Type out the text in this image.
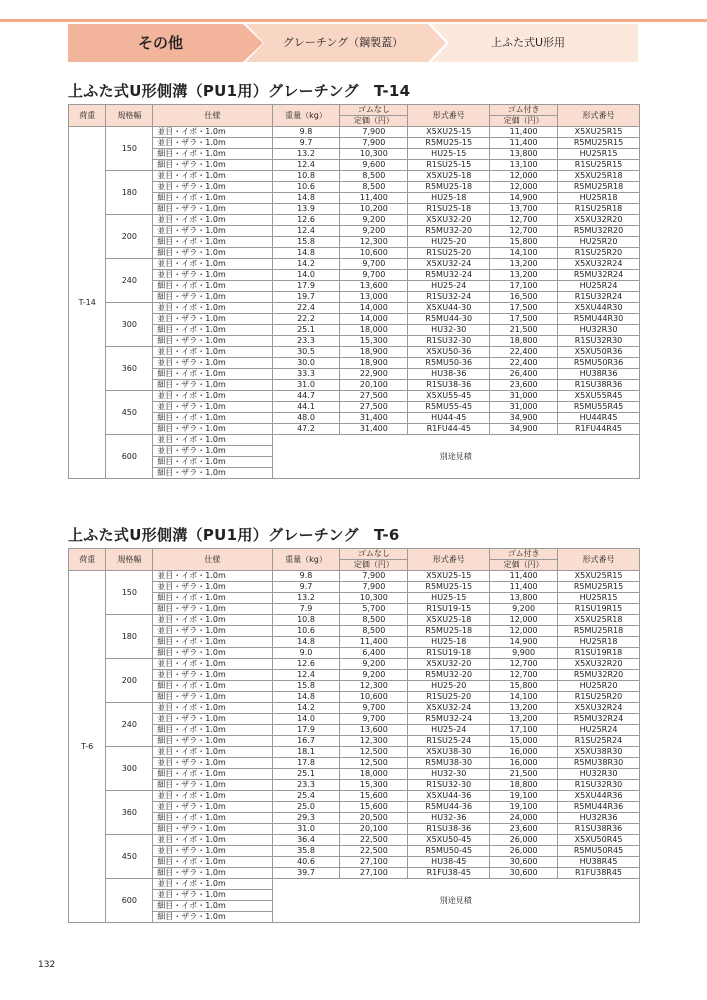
その他	グレーチング（鋼製蓋）	上ふた式U形用
上ふた式U形側溝（PU1用）グレーチング　T-14
荷重	規格幅	仕様	重量（kg）	ゴムなし	形式番号	ゴム付き	形式番号
				定価（円）		定価（円）	
T-14	150	並目・イボ・1.0m	9.8	7,900	X5XU25-15	11,400	X5XU25R15
		並目・ザラ・1.0m	9.7	7,900	R5MU25-15	11,400	R5MU25R15
		細目・イボ・1.0m	13.2	10,300	HU25-15	13,800	HU25R15
		細目・ザラ・1.0m	12.4	9,600	R1SU25-15	13,100	R1SU25R15
	180	並目・イボ・1.0m	10.8	8,500	X5XU25-18	12,000	X5XU25R18
		並目・ザラ・1.0m	10.6	8,500	R5MU25-18	12,000	R5MU25R18
		細目・イボ・1.0m	14.8	11,400	HU25-18	14,900	HU25R18
		細目・ザラ・1.0m	13.9	10,200	R1SU25-18	13,700	R1SU25R18
	200	並目・イボ・1.0m	12.6	9,200	X5XU32-20	12,700	X5XU32R20
		並目・ザラ・1.0m	12.4	9,200	R5MU32-20	12,700	R5MU32R20
		細目・イボ・1.0m	15.8	12,300	HU25-20	15,800	HU25R20
		細目・ザラ・1.0m	14.8	10,600	R1SU25-20	14,100	R1SU25R20
	240	並目・イボ・1.0m	14.2	9,700	X5XU32-24	13,200	X5XU32R24
		並目・ザラ・1.0m	14.0	9,700	R5MU32-24	13,200	R5MU32R24
		細目・イボ・1.0m	17.9	13,600	HU25-24	17,100	HU25R24
		細目・ザラ・1.0m	19.7	13,000	R1SU32-24	16,500	R1SU32R24
	300	並目・イボ・1.0m	22.4	14,000	X5XU44-30	17,500	X5XU44R30
		並目・ザラ・1.0m	22.2	14,000	R5MU44-30	17,500	R5MU44R30
		細目・イボ・1.0m	25.1	18,000	HU32-30	21,500	HU32R30
		細目・ザラ・1.0m	23.3	15,300	R1SU32-30	18,800	R1SU32R30
	360	並目・イボ・1.0m	30.5	18,900	X5XU50-36	22,400	X5XU50R36
		並目・ザラ・1.0m	30.0	18,900	R5MU50-36	22,400	R5MU50R36
		細目・イボ・1.0m	33.3	22,900	HU38-36	26,400	HU38R36
		細目・ザラ・1.0m	31.0	20,100	R1SU38-36	23,600	R1SU38R36
	450	並目・イボ・1.0m	44.7	27,500	X5XU55-45	31,000	X5XU55R45
		並目・ザラ・1.0m	44.1	27,500	R5MU55-45	31,000	R5MU55R45
		細目・イボ・1.0m	48.0	31,400	HU44-45	34,900	HU44R45
		細目・ザラ・1.0m	47.2	31,400	R1FU44-45	34,900	R1FU44R45
	600	並目・イボ・1.0m	別途見積				
		並目・ザラ・1.0m					
		細目・イボ・1.0m					
		細目・ザラ・1.0m					
上ふた式U形側溝（PU1用）グレーチング　T-6
荷重	規格幅	仕様	重量（kg）	ゴムなし	形式番号	ゴム付き	形式番号
				定価（円）		定価（円）	
T-6	150	並目・イボ・1.0m	9.8	7,900	X5XU25-15	11,400	X5XU25R15
		並目・ザラ・1.0m	9.7	7,900	R5MU25-15	11,400	R5MU25R15
		細目・イボ・1.0m	13.2	10,300	HU25-15	13,800	HU25R15
		細目・ザラ・1.0m	7.9	5,700	R1SU19-15	9,200	R1SU19R15
	180	並目・イボ・1.0m	10.8	8,500	X5XU25-18	12,000	X5XU25R18
		並目・ザラ・1.0m	10.6	8,500	R5MU25-18	12,000	R5MU25R18
		細目・イボ・1.0m	14.8	11,400	HU25-18	14,900	HU25R18
		細目・ザラ・1.0m	9.0	6,400	R1SU19-18	9,900	R1SU19R18
	200	並目・イボ・1.0m	12.6	9,200	X5XU32-20	12,700	X5XU32R20
		並目・ザラ・1.0m	12.4	9,200	R5MU32-20	12,700	R5MU32R20
		細目・イボ・1.0m	15.8	12,300	HU25-20	15,800	HU25R20
		細目・ザラ・1.0m	14.8	10,600	R1SU25-20	14,100	R1SU25R20
	240	並目・イボ・1.0m	14.2	9,700	X5XU32-24	13,200	X5XU32R24
		並目・ザラ・1.0m	14.0	9,700	R5MU32-24	13,200	R5MU32R24
		細目・イボ・1.0m	17.9	13,600	HU25-24	17,100	HU25R24
		細目・ザラ・1.0m	16.7	12,300	R1SU25-24	15,000	R1SU25R24
	300	並目・イボ・1.0m	18.1	12,500	X5XU38-30	16,000	X5XU38R30
		並目・ザラ・1.0m	17.8	12,500	R5MU38-30	16,000	R5MU38R30
		細目・イボ・1.0m	25.1	18,000	HU32-30	21,500	HU32R30
		細目・ザラ・1.0m	23.3	15,300	R1SU32-30	18,800	R1SU32R30
	360	並目・イボ・1.0m	25.4	15,600	X5XU44-36	19,100	X5XU44R36
		並目・ザラ・1.0m	25.0	15,600	R5MU44-36	19,100	R5MU44R36
		細目・イボ・1.0m	29.3	20,500	HU32-36	24,000	HU32R36
		細目・ザラ・1.0m	31.0	20,100	R1SU38-36	23,600	R1SU38R36
	450	並目・イボ・1.0m	36.4	22,500	X5XU50-45	26,000	X5XU50R45
		並目・ザラ・1.0m	35.8	22,500	R5MU50-45	26,000	R5MU50R45
		細目・イボ・1.0m	40.6	27,100	HU38-45	30,600	HU38R45
		細目・ザラ・1.0m	39.7	27,100	R1FU38-45	30,600	R1FU38R45
	600	並目・イボ・1.0m	別途見積				
		並目・ザラ・1.0m					
		細目・イボ・1.0m					
		細目・ザラ・1.0m					
132
